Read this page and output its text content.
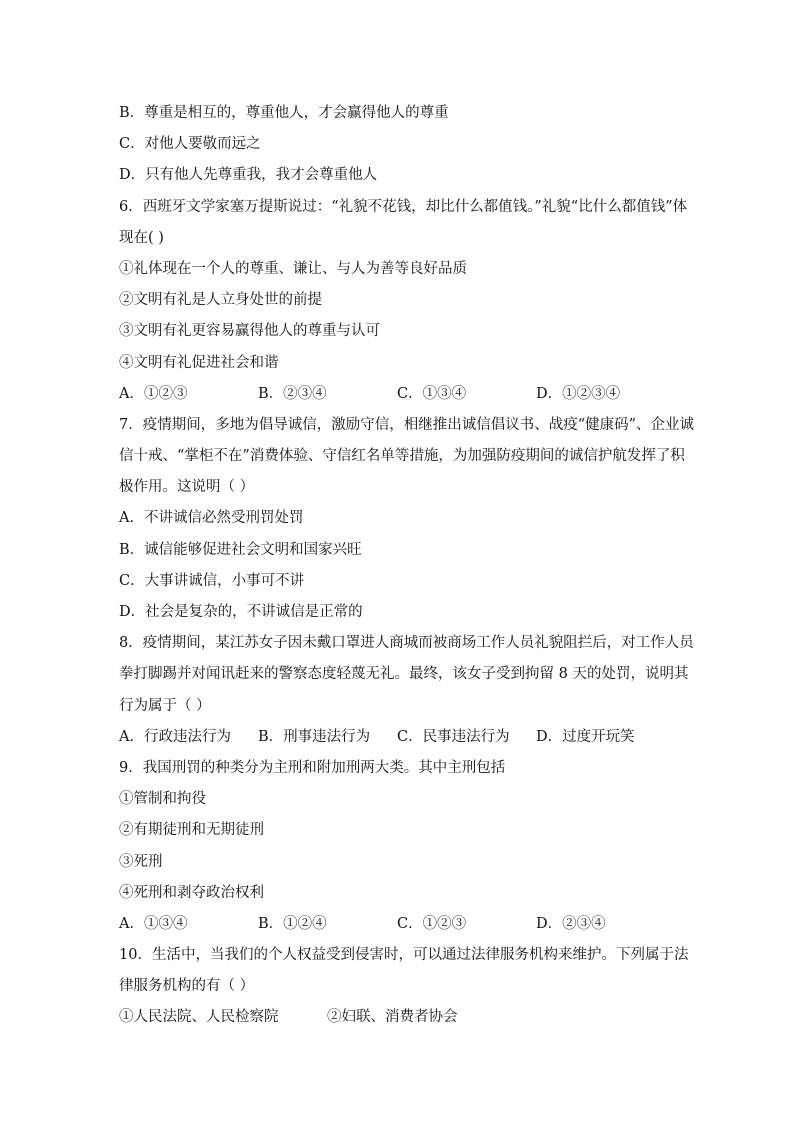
B．尊重是相互的，尊重他人，才会赢得他人的尊重
C．对他人要敬而远之
D．只有他人先尊重我，我才会尊重他人
6．西班牙文学家塞万提斯说过：“礼貌不花钱，却比什么都值钱。”礼貌“比什么都值钱”体
现在( )
①礼体现在一个人的尊重、谦让、与人为善等良好品质
②文明有礼是人立身处世的前提
③文明有礼更容易赢得他人的尊重与认可
④文明有礼促进社会和谐
A．①②③	B．②③④	C．①③④	D．①②③④
7．疫情期间，多地为倡导诚信，激励守信，相继推出诚信倡议书、战疫“健康码”、企业诚
信十戒、“掌柜不在”消费体验、守信红名单等措施，为加强防疫期间的诚信护航发挥了积
极作用。这说明（ ）
A．不讲诚信必然受刑罚处罚
B．诚信能够促进社会文明和国家兴旺
C．大事讲诚信，小事可不讲
D．社会是复杂的，不讲诚信是正常的
8．疫情期间，某江苏女子因未戴口罩进人商城而被商场工作人员礼貌阻拦后，对工作人员
拳打脚踢并对闻讯赶来的警察态度轻蔑无礼。最终，该女子受到拘留 8 天的处罚，说明其
行为属于（ ）
A．行政违法行为	B．刑事违法行为	C．民事违法行为	D．过度开玩笑
9．我国刑罚的种类分为主刑和附加刑两大类。其中主刑包括
①管制和拘役
②有期徒刑和无期徒刑
③死刑
④死刑和剥夺政治权利
A．①③④	B．①②④	C．①②③	D．②③④
10．生活中，当我们的个人权益受到侵害时，可以通过法律服务机构来维护。下列属于法
律服务机构的有（ ）
①人民法院、人民检察院	②妇联、消费者协会
